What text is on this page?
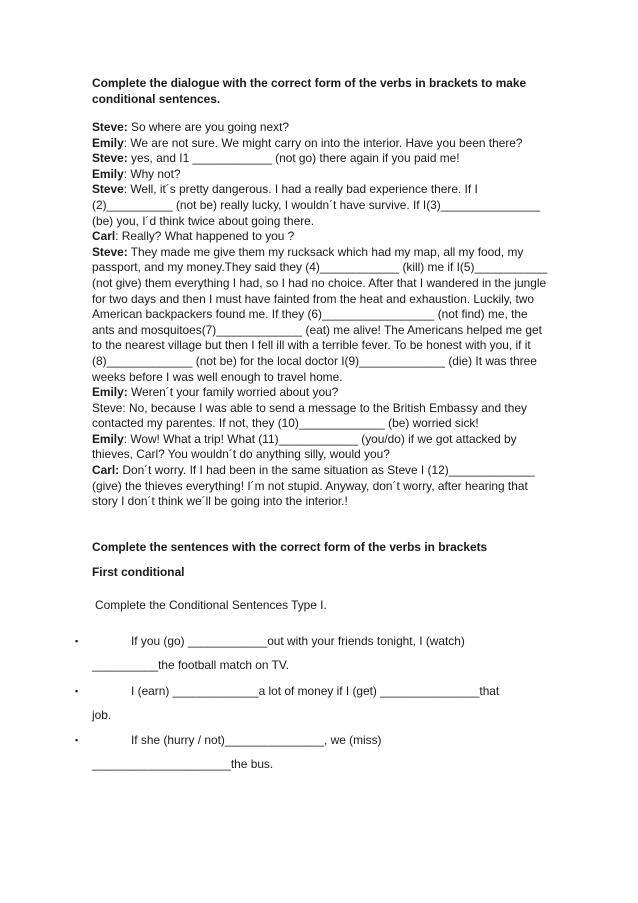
Complete the dialogue with the correct form of the verbs in brackets to make conditional sentences.
Steve: So where are you going next?
Emily: We are not sure. We might carry on into the interior. Have you been there?
Steve: yes, and I1 ____________ (not go) there again if you paid me!
Emily: Why not?
Steve: Well, it´s pretty dangerous. I had a really bad experience there. If I (2)__________ (not be) really lucky, I wouldn´t have survive. If I(3)_______________ (be) you, I´d think twice about going there.
Carl: Really? What happened to you ?
Steve: They made me give them my rucksack which had my map, all my food, my passport, and my money.They said they (4)____________ (kill) me if I(5)___________ (not give) them everything I had, so I had no choice. After that I wandered in the jungle for two days and then I must have fainted from the heat and exhaustion. Luckily, two American backpackers found me. If they (6)_________________ (not find) me, the ants and mosquitoes(7)_____________ (eat) me alive! The Americans helped me get to the nearest village but then I fell ill with a terrible fever. To be honest with you, if it (8)_____________ (not be) for the local doctor I(9)_____________ (die) It was three weeks before I was well enough to travel home.
Emily: Weren´t your family worried about you?
Steve: No, because I was able to send a message to the British Embassy and they contacted my parentes. If not, they (10)_____________ (be) worried sick!
Emily: Wow! What a trip! What (11)____________ (you/do) if we got attacked by thieves, Carl? You wouldn´t do anything silly, would you?
Carl: Don´t worry. If I had been in the same situation as Steve I (12)_____________ (give) the thieves everything! I´m not stupid. Anyway, don´t worry, after hearing that story I don´t think we´ll be going into the interior.!
Complete the sentences with the correct form of the verbs in brackets
First conditional
Complete the Conditional Sentences Type I.
▪	If you (go) ____________out with your friends tonight, I (watch)
__________the football match on TV.
▪	I (earn) _____________a lot of money if I (get) _______________that
job.
▪	If she (hurry / not)_______________, we (miss)
_____________________the bus.
